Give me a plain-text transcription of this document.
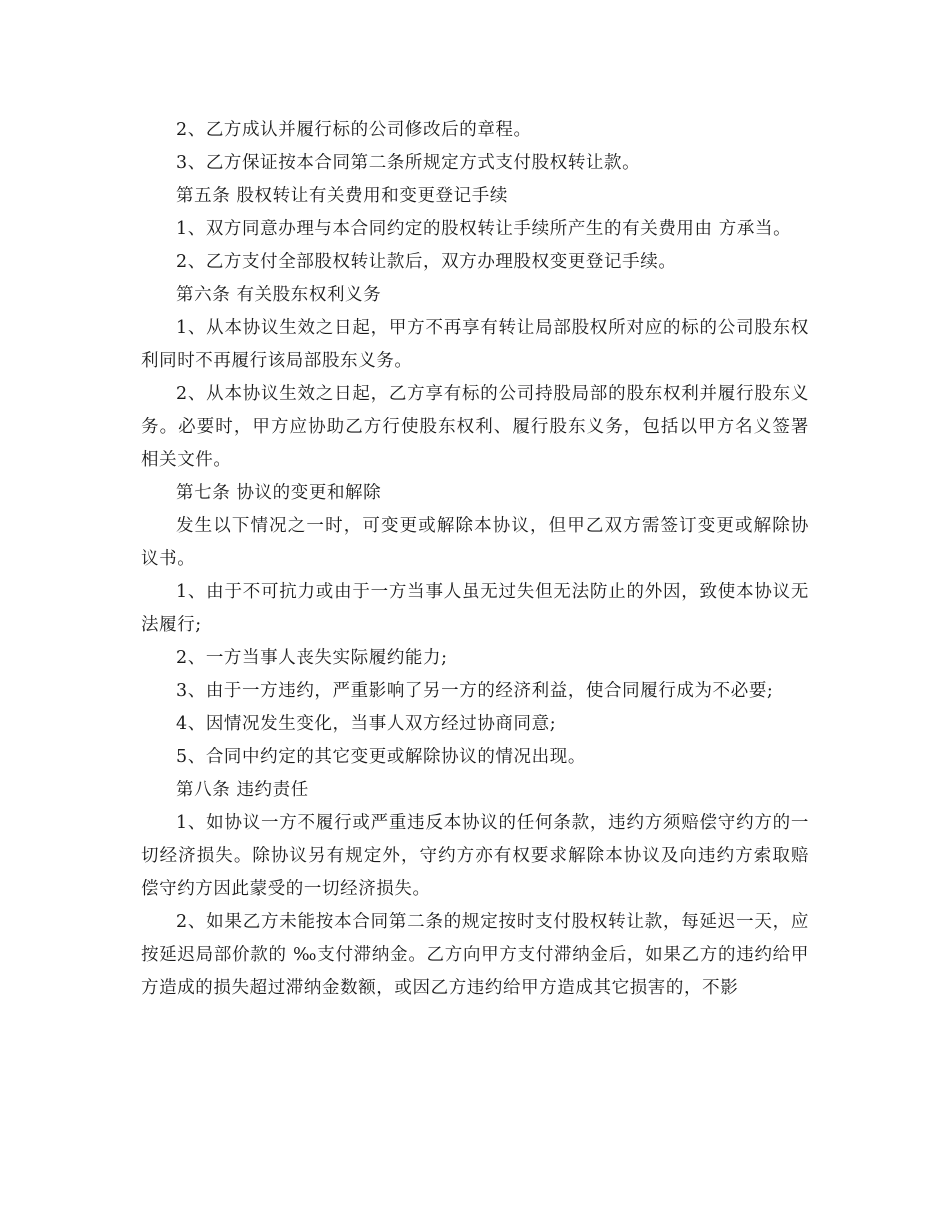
2、乙方成认并履行标的公司修改后的章程。

3、乙方保证按本合同第二条所规定方式支付股权转让款。

第五条 股权转让有关费用和变更登记手续

1、双方同意办理与本合同约定的股权转让手续所产生的有关费用由 方承当。

2、乙方支付全部股权转让款后，双方办理股权变更登记手续。

第六条 有关股东权利义务

1、从本协议生效之日起，甲方不再享有转让局部股权所对应的标的公司股东权利同时不再履行该局部股东义务。

2、从本协议生效之日起，乙方享有标的公司持股局部的股东权利并履行股东义务。必要时，甲方应协助乙方行使股东权利、履行股东义务，包括以甲方名义签署相关文件。

第七条 协议的变更和解除

发生以下情况之一时，可变更或解除本协议，但甲乙双方需签订变更或解除协议书。

1、由于不可抗力或由于一方当事人虽无过失但无法防止的外因，致使本协议无法履行;

2、一方当事人丧失实际履约能力;

3、由于一方违约，严重影响了另一方的经济利益，使合同履行成为不必要;

4、因情况发生变化，当事人双方经过协商同意;

5、合同中约定的其它变更或解除协议的情况出现。

第八条 违约责任

1、如协议一方不履行或严重违反本协议的任何条款，违约方须赔偿守约方的一切经济损失。除协议另有规定外，守约方亦有权要求解除本协议及向违约方索取赔偿守约方因此蒙受的一切经济损失。

2、如果乙方未能按本合同第二条的规定按时支付股权转让款，每延迟一天，应按延迟局部价款的 ‰支付滞纳金。乙方向甲方支付滞纳金后，如果乙方的违约给甲方造成的损失超过滞纳金数额，或因乙方违约给甲方造成其它损害的，不影
